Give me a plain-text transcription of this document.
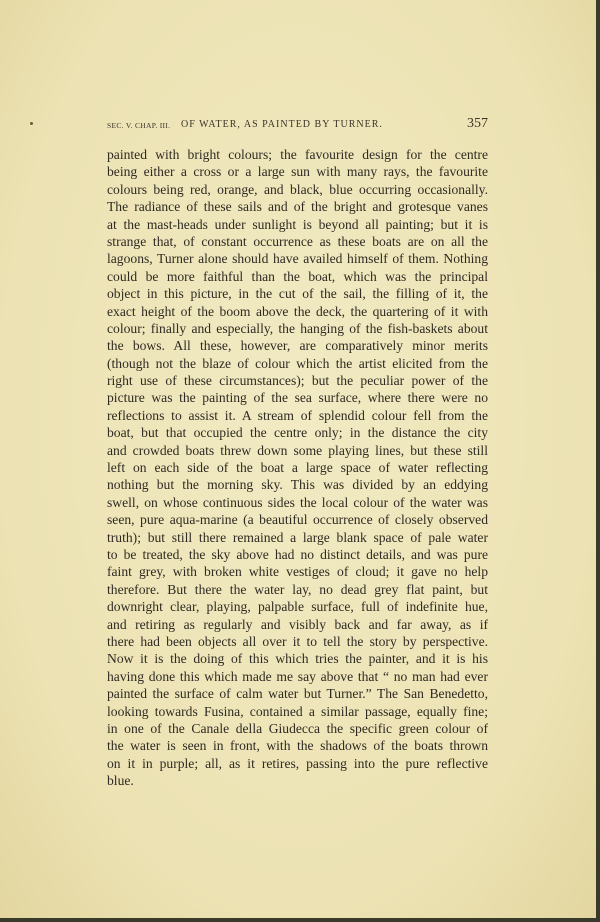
SEC. V. CHAP. III. OF WATER, AS PAINTED BY TURNER.	357
painted with bright colours; the favourite design for the centre
being either a cross or a large sun with many rays, the favourite
colours being red, orange, and black, blue occurring occasionally.
The radiance of these sails and of the bright and grotesque vanes
at the mast-heads under sunlight is beyond all painting; but it is
strange that, of constant occurrence as these boats are on all the
lagoons, Turner alone should have availed himself of them. Nothing
could be more faithful than the boat, which was the principal
object in this picture, in the cut of the sail, the filling of it, the
exact height of the boom above the deck, the quartering of it with
colour; finally and especially, the hanging of the fish-baskets about
the bows. All these, however, are comparatively minor merits
(though not the blaze of colour which the artist elicited from the
right use of these circumstances); but the peculiar power of the
picture was the painting of the sea surface, where there were no
reflections to assist it. A stream of splendid colour fell from the
boat, but that occupied the centre only; in the distance the city
and crowded boats threw down some playing lines, but these still
left on each side of the boat a large space of water reflecting
nothing but the morning sky. This was divided by an eddying
swell, on whose continuous sides the local colour of the water was
seen, pure aqua-marine (a beautiful occurrence of closely observed
truth); but still there remained a large blank space of pale water
to be treated, the sky above had no distinct details, and was pure
faint grey, with broken white vestiges of cloud; it gave no help
therefore. But there the water lay, no dead grey flat paint, but
downright clear, playing, palpable surface, full of indefinite hue,
and retiring as regularly and visibly back and far away, as if
there had been objects all over it to tell the story by perspective.
Now it is the doing of this which tries the painter, and it is his
having done this which made me say above that “ no man had ever
painted the surface of calm water but Turner.” The San Benedetto,
looking towards Fusina, contained a similar passage, equally fine;
in one of the Canale della Giudecca the specific green colour of
the water is seen in front, with the shadows of the boats thrown
on it in purple; all, as it retires, passing into the pure reflective
blue.
